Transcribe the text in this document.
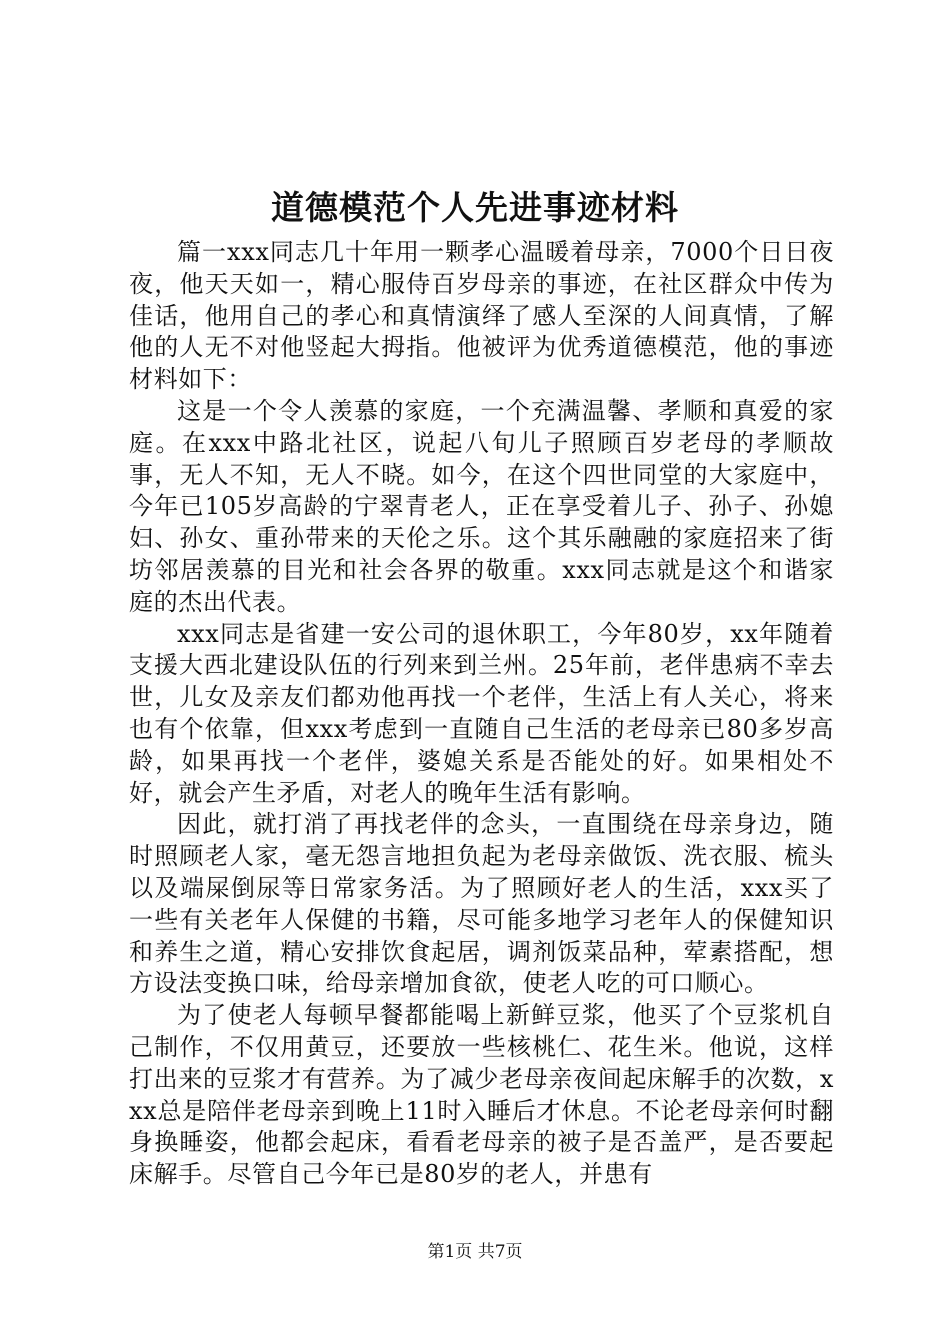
道德模范个人先进事迹材料

篇一xxx同志几十年用一颗孝心温暖着母亲，7000个日日夜夜，他天天如一，精心服侍百岁母亲的事迹，在社区群众中传为佳话，他用自己的孝心和真情演绎了感人至深的人间真情，了解他的人无不对他竖起大拇指。他被评为优秀道德模范，他的事迹材料如下：

这是一个令人羡慕的家庭，一个充满温馨、孝顺和真爱的家庭。在xxx中路北社区，说起八旬儿子照顾百岁老母的孝顺故事，无人不知，无人不晓。如今，在这个四世同堂的大家庭中，今年已105岁高龄的宁翠青老人，正在享受着儿子、孙子、孙媳妇、孙女、重孙带来的天伦之乐。这个其乐融融的家庭招来了街坊邻居羡慕的目光和社会各界的敬重。xxx同志就是这个和谐家庭的杰出代表。

xxx同志是省建一安公司的退休职工，今年80岁，xx年随着支援大西北建设队伍的行列来到兰州。25年前，老伴患病不幸去世，儿女及亲友们都劝他再找一个老伴，生活上有人关心，将来也有个依靠，但xxx考虑到一直随自己生活的老母亲已80多岁高龄，如果再找一个老伴，婆媳关系是否能处的好。如果相处不好，就会产生矛盾，对老人的晚年生活有影响。

因此，就打消了再找老伴的念头，一直围绕在母亲身边，随时照顾老人家，毫无怨言地担负起为老母亲做饭、洗衣服、梳头以及端屎倒尿等日常家务活。为了照顾好老人的生活，xxx买了一些有关老年人保健的书籍，尽可能多地学习老年人的保健知识和养生之道，精心安排饮食起居，调剂饭菜品种，荤素搭配，想方设法变换口味，给母亲增加食欲，使老人吃的可口顺心。

为了使老人每顿早餐都能喝上新鲜豆浆，他买了个豆浆机自己制作，不仅用黄豆，还要放一些核桃仁、花生米。他说，这样打出来的豆浆才有营养。为了减少老母亲夜间起床解手的次数，xxx总是陪伴老母亲到晚上11时入睡后才休息。不论老母亲何时翻身换睡姿，他都会起床，看看老母亲的被子是否盖严，是否要起床解手。尽管自己今年已是80岁的老人，并患有

第1页 共7页
